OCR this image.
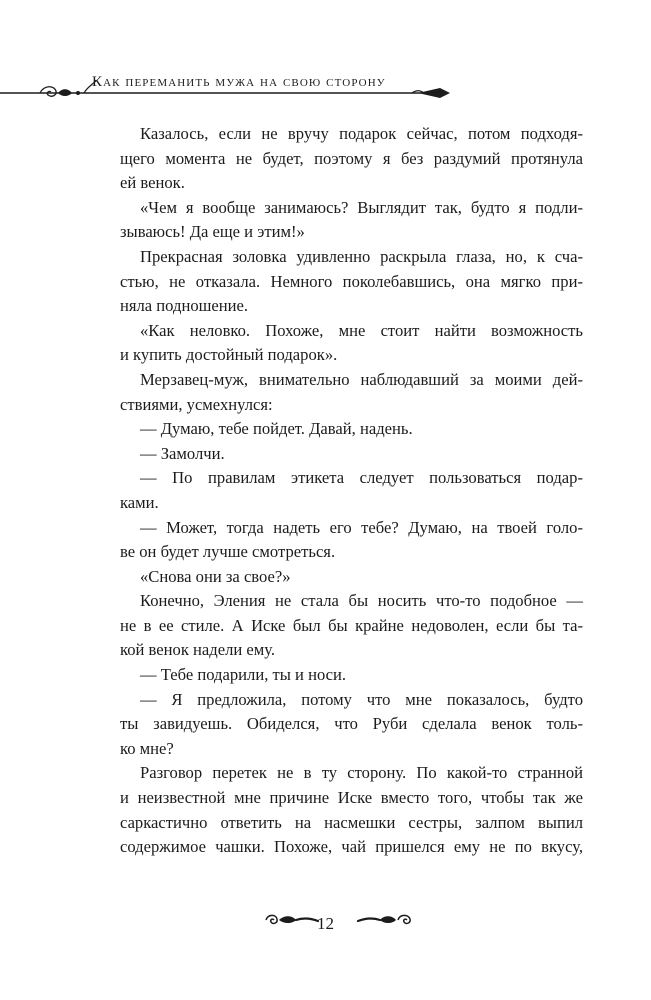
Как переманить мужа на свою сторону

Казалось, если не вручу подарок сейчас, потом подходя-
щего момента не будет, поэтому я без раздумий протянула
ей венок.

«Чем я вообще занимаюсь? Выглядит так, будто я подли-
зываюсь! Да еще и этим!»

Прекрасная золовка удивленно раскрыла глаза, но, к сча-
стью, не отказала. Немного поколебавшись, она мягко при-
няла подношение.

«Как неловко. Похоже, мне стоит найти возможность
и купить достойный подарок».

Мерзавец-муж, внимательно наблюдавший за моими дей-
ствиями, усмехнулся:

— Думаю, тебе пойдет. Давай, надень.

— Замолчи.

— По правилам этикета следует пользоваться подар-
ками.

— Может, тогда надеть его тебе? Думаю, на твоей голо-
ве он будет лучше смотреться.

«Снова они за свое?»

Конечно, Эления не стала бы носить что-то подобное —
не в ее стиле. А Иске был бы крайне недоволен, если бы та-
кой венок надели ему.

— Тебе подарили, ты и носи.

— Я предложила, потому что мне показалось, будто
ты завидуешь. Обиделся, что Руби сделала венок толь-
ко мне?

Разговор перетек не в ту сторону. По какой-то странной
и неизвестной мне причине Иске вместо того, чтобы так же
саркастично ответить на насмешки сестры, залпом выпил
содержимое чашки. Похоже, чай пришелся ему не по вкусу,

12
